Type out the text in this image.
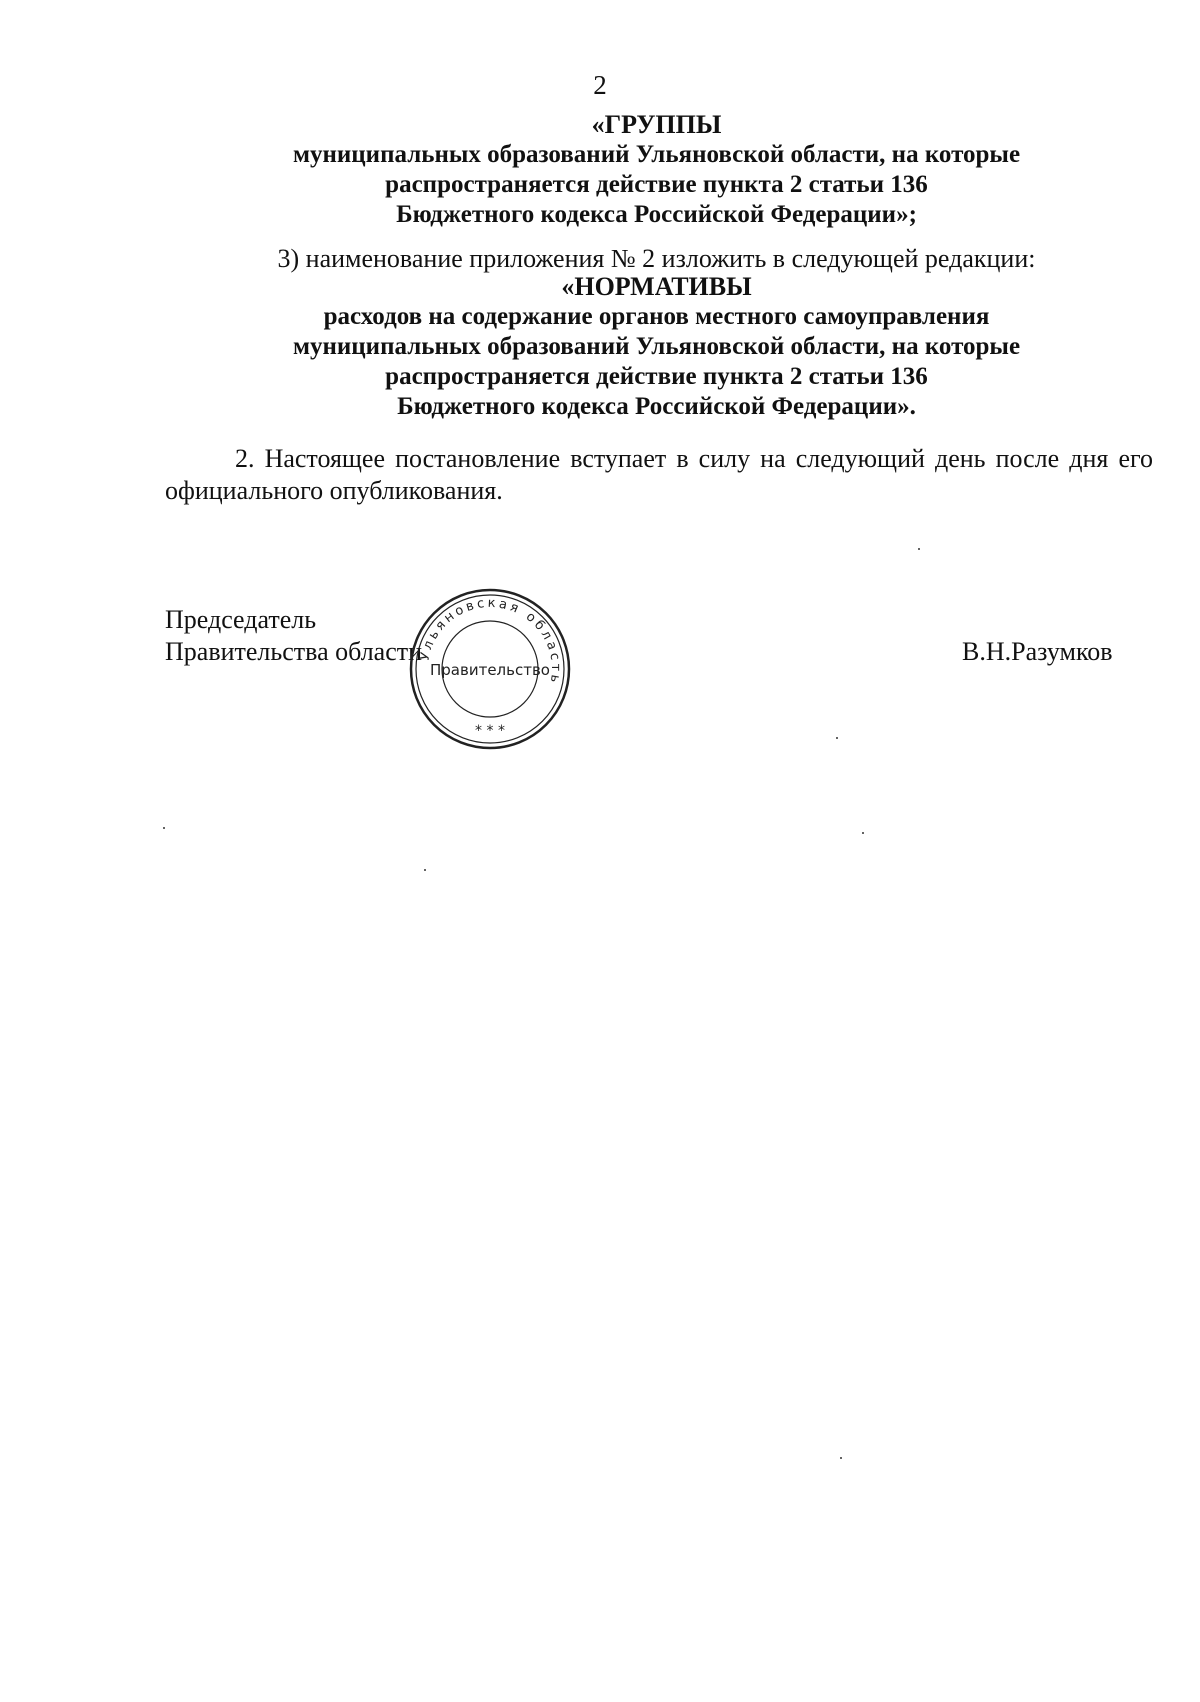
2
«ГРУППЫ
муниципальных образований Ульяновской области, на которые
распространяется действие пункта 2 статьи 136
Бюджетного кодекса Российской Федерации»;
3) наименование приложения № 2 изложить в следующей редакции:
«НОРМАТИВЫ
расходов на содержание органов местного самоуправления
муниципальных образований Ульяновской области, на которые
распространяется действие пункта 2 статьи 136
Бюджетного кодекса Российской Федерации».
2. Настоящее постановление вступает в силу на следующий день после дня его официального опубликования.
Председатель
Правительства области	В.Н.Разумков
Ульяновская область
Правительство
* * *
